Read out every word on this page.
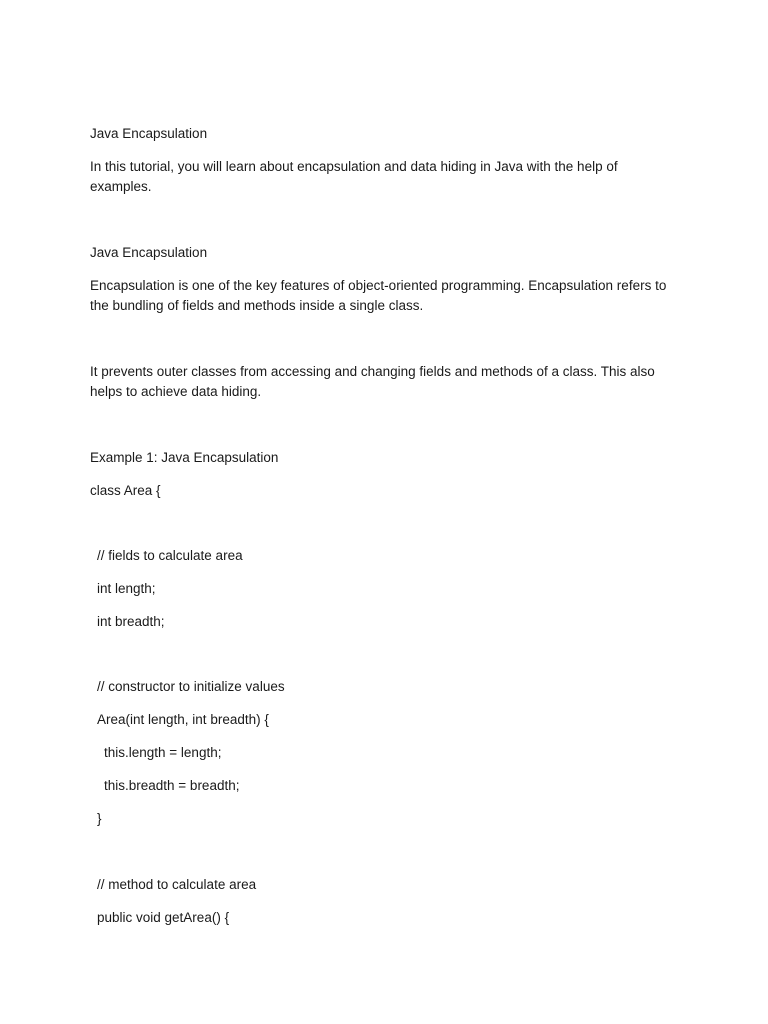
Java Encapsulation
In this tutorial, you will learn about encapsulation and data hiding in Java with the help of examples.
Java Encapsulation
Encapsulation is one of the key features of object-oriented programming. Encapsulation refers to the bundling of fields and methods inside a single class.
It prevents outer classes from accessing and changing fields and methods of a class. This also helps to achieve data hiding.
Example 1: Java Encapsulation
class Area {
// fields to calculate area
int length;
int breadth;
// constructor to initialize values
Area(int length, int breadth) {
this.length = length;
this.breadth = breadth;
}
// method to calculate area
public void getArea() {
